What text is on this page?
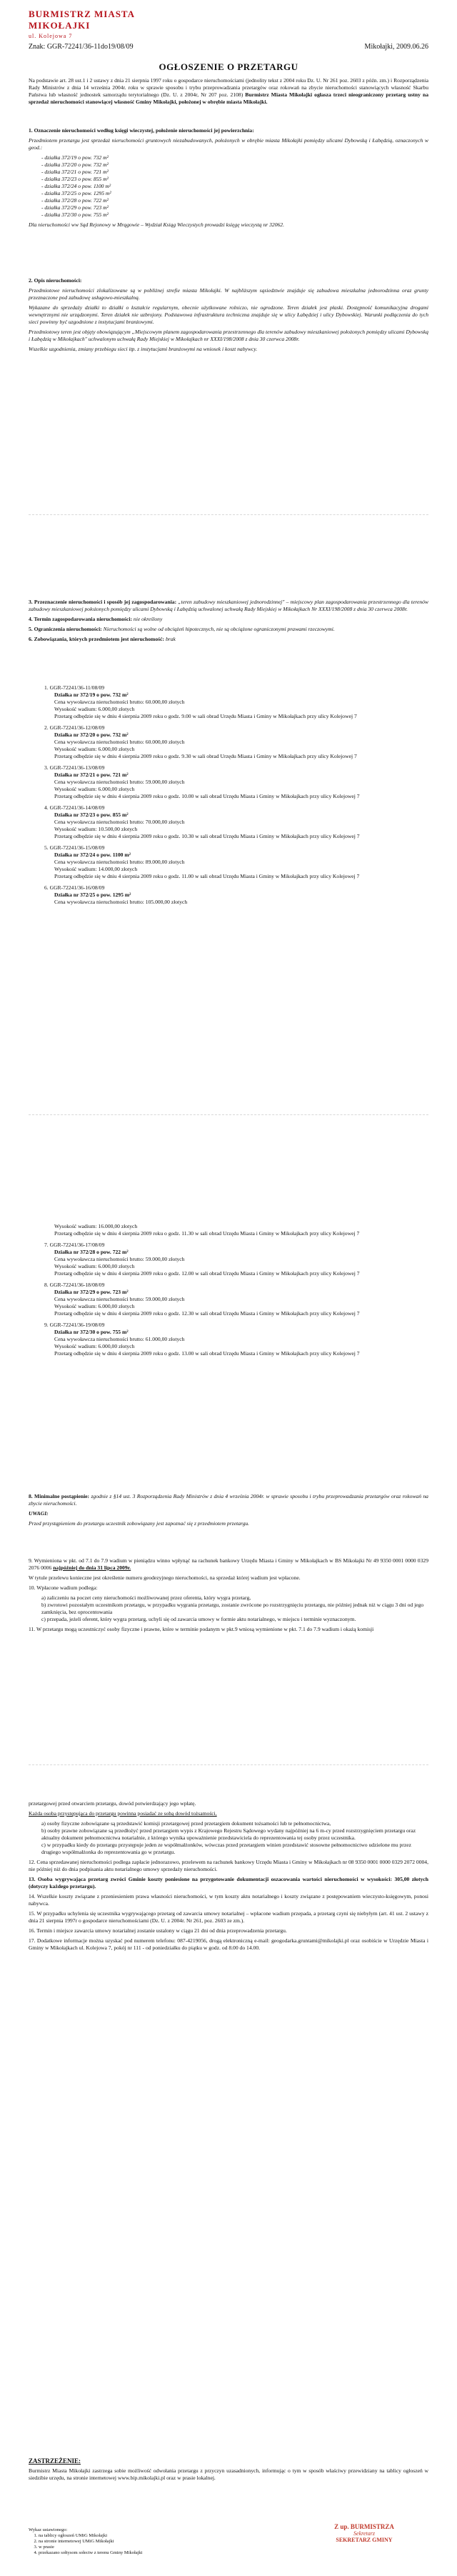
BURMISTRZ MIASTA MIKOŁAJKI
ul. Kolejowa 7
Znak: GGR-72241/36-11do19/08/09	Mikołajki, 2009.06.26
OGŁOSZENIE O PRZETARGU
Na podstawie art. 28 ust.1 i 2 ustawy z dnia 21 sierpnia 1997 roku o gospodarce nieruchomościami (jednolity tekst z 2004 roku Dz. U. Nr 261 poz. 2603 z późn. zm.) i Rozporządzenia Rady Ministrów z dnia 14 września 2004r. roku w sprawie sposobu i trybu przeprowadzania przetargów oraz rokowań na zbycie nieruchomości stanowiących własność Skarbu Państwa lub własność jednostek samorządu terytorialnego (Dz. U. z 2004r, Nr 207 poz. 2108) Burmistrz Miasta Mikołajki ogłasza trzeci nieograniczony przetarg ustny na sprzedaż nieruchomości stanowiącej własność Gminy Mikołajki, położonej w obrębie miasta Mikołajki.

1. Oznaczenie nieruchomości według księgi wieczystej, położenie nieruchomości jej powierzchnia:

Przedmiotem przetargu jest sprzedaż nieruchomości gruntowych niezabudowanych, położonych w obrębie miasta Mikołajki pomiędzy ulicami Dybowską i Łabędzią, oznaczonych w geod.:

- działka 372/19 o pow. 732 m²
- działka 372/20 o pow. 732 m²
- działka 372/21 o pow. 721 m²
- działka 372/23 o pow. 855 m²
- działka 372/24 o pow. 1100 m²
- działka 372/25 o pow. 1295 m²
- działka 372/28 o pow. 722 m²
- działka 372/29 o pow. 723 m²
- działka 372/30 o pow. 755 m²

Dla nieruchomości ww Sąd Rejonowy w Mrągowie – Wydział Ksiąg Wieczystych prowadzi księgę wieczystą nr 32062.

2. Opis nieruchomości:

Przedmiotowe nieruchomości zlokalizowane są w pobliżnej strefie miasta Mikołajki. W najbliższym sąsiedztwie znajduje się zabudowa mieszkalna jednorodzinna oraz grunty przeznaczone pod zabudowę usługowo-mieszkalną.

Wykazane do sprzedaży działki to działki o kształcie regularnym, obecnie użytkowane rolniczo, nie ogrodzone. Teren działek jest płaski. Dostępność komunikacyjna drogami wewnętrznymi nie urządzonymi. Teren działek nie uzbrojony. Podstawowa infrastruktura techniczna znajduje się w ulicy Łabędziej i ulicy Dybowskiej. Warunki podłączenia do tych sieci powinny być uzgodnione z instytucjami branżowymi.

Przedmiotowy teren jest objęty obowiązującym „Miejscowym planem zagospodarowania przestrzennego dla terenów zabudowy mieszkaniowej położonych pomiędzy ulicami Dybowską i Łabędzią w Mikołajkach" uchwalonym uchwałą Rady Miejskiej w Mikołajkach nr XXXI/198/2008 z dnia 30 czerwca 2008r.

Wszelkie uzgodnienia, zmiany przebiegu sieci itp. z instytucjami branżowymi na wniosek i koszt nabywcy.

3. Przeznaczenie nieruchomości i sposób jej zagospodarowania: „teren zabudowy mieszkaniowej jednorodzinnej" – miejscowy plan zagospodarowania przestrzennego dla terenów zabudowy mieszkaniowej położonych pomiędzy ulicami Dybowską i Łabędzią uchwalonej uchwałą Rady Miejskiej w Mikołajkach Nr XXXI/198/2008 z dnia 30 czerwca 2008r.

4. Termin zagospodarowania nieruchomości: nie określony

5. Ograniczenia nieruchomości: Nieruchomości są wolne od obciążeń hipotecznych, nie są obciążone ograniczonymi prawami rzeczowymi.

6. Zobowiązania, których przedmiotem jest nieruchomość: brak

1. GGR-72241/36-11/08/09
Działka nr 372/19 o pow. 732 m²
Cena wywoławcza nieruchomości brutto: 60.000,00 złotych
Wysokość wadium: 6.000,00 złotych
Przetarg odbędzie się w dniu 4 sierpnia 2009 roku o godz. 9.00 w sali obrad Urzędu Miasta i Gminy w Mikołajkach przy ulicy Kolejowej 7
2. GGR-72241/36-12/08/09
Działka nr 372/20 o pow. 732 m²
Cena wywoławcza nieruchomości brutto: 60.000,00 złotych
Wysokość wadium: 6.000,00 złotych
Przetarg odbędzie się w dniu 4 sierpnia 2009 roku o godz. 9.30 w sali obrad Urzędu Miasta i Gminy w Mikołajkach przy ulicy Kolejowej 7
3. GGR-72241/36-13/08/09
Działka nr 372/21 o pow. 721 m²
Cena wywoławcza nieruchomości brutto: 59.000,00 złotych
Wysokość wadium: 6.000,00 złotych
Przetarg odbędzie się w dniu 4 sierpnia 2009 roku o godz. 10.00 w sali obrad Urzędu Miasta i Gminy w Mikołajkach przy ulicy Kolejowej 7
4. GGR-72241/36-14/08/09
Działka nr 372/23 o pow. 855 m²
Cena wywoławcza nieruchomości brutto: 70.000,00 złotych
Wysokość wadium: 10.500,00 złotych
Przetarg odbędzie się w dniu 4 sierpnia 2009 roku o godz. 10.30 w sali obrad Urzędu Miasta i Gminy w Mikołajkach przy ulicy Kolejowej 7
5. GGR-72241/36-15/08/09
Działka nr 372/24 o pow. 1100 m²
Cena wywoławcza nieruchomości brutto: 89.000,00 złotych
Wysokość wadium: 14.000,00 złotych
Przetarg odbędzie się w dniu 4 sierpnia 2009 roku o godz. 11.00 w sali obrad Urzędu Miasta i Gminy w Mikołajkach przy ulicy Kolejowej 7
6. GGR-72241/36-16/08/09
Działka nr 372/25 o pow. 1295 m²
Cena wywoławcza nieruchomości brutto: 105.000,00 złotych
Wysokość wadium: 16.000,00 złotych
Przetarg odbędzie się w dniu 4 sierpnia 2009 roku o godz. 11.30 w sali obrad Urzędu Miasta i Gminy w Mikołajkach przy ulicy Kolejowej 7
7. GGR-72241/36-17/08/09
Działka nr 372/28 o pow. 722 m²
Cena wywoławcza nieruchomości brutto: 59.000,00 złotych
Wysokość wadium: 6.000,00 złotych
Przetarg odbędzie się w dniu 4 sierpnia 2009 roku o godz. 12.00 w sali obrad Urzędu Miasta i Gminy w Mikołajkach przy ulicy Kolejowej 7
8. GGR-72241/36-18/08/09
Działka nr 372/29 o pow. 723 m²
Cena wywoławcza nieruchomości brutto: 59.000,00 złotych
Wysokość wadium: 6.000,00 złotych
Przetarg odbędzie się w dniu 4 sierpnia 2009 roku o godz. 12.30 w sali obrad Urzędu Miasta i Gminy w Mikołajkach przy ulicy Kolejowej 7
9. GGR-72241/36-19/08/09
Działka nr 372/30 o pow. 755 m²
Cena wywoławcza nieruchomości brutto: 61.000,00 złotych
Wysokość wadium: 6.000,00 złotych
Przetarg odbędzie się w dniu 4 sierpnia 2009 roku o godz. 13.00 w sali obrad Urzędu Miasta i Gminy w Mikołajkach przy ulicy Kolejowej 7

8. Minimalne postąpienie: zgodnie z §14 ust. 3 Rozporządzenia Rady Ministrów z dnia 4 września 2004r. w sprawie sposobu i trybu przeprowadzania przetargów oraz rokowań na zbycie nieruchomości.

UWAGI:

Przed przystąpieniem do przetargu uczestnik zobowiązany jest zapoznać się z przedmiotem przetargu.

9. Wymieniona w pkt. od 7.1 do 7.9 wadium w pieniądzu winno wpłynąć na rachunek bankowy Urzędu Miasta i Gminy w Mikołajkach w BS Mikołajki Nr 49 9350 0001 0000 0329 2076 0006 najpóźniej do dnia 31 lipca 2009r.

W tytule przelewu konieczne jest określenie numeru geodezyjnego nieruchomości, na sprzedaż której wadium jest wpłacone.

10. Wpłacone wadium podlega:

a) zaliczeniu na poczet ceny nieruchomości możliwowanej przez oferenta, który wygra przetarg,
b) zwrotowi pozostałym uczestnikom przetargu, w przypadku wygrania przetargu, zostanie zwrócone po rozstrzygnięciu przetargu, nie później jednak niż w ciągu 3 dni od jego zamknięcia, bez oprocentowania
c) przepada, jeżeli oferent, który wygra przetarg, uchyli się od zawarcia umowy w formie aktu notarialnego, w miejscu i terminie wyznaczonym.

11. W przetargu mogą uczestniczyć osoby fizyczne i prawne, które w terminie podanym w pkt.9 wniosą wymienione w pkt. 7.1 do 7.9 wadium i okażą komisji

przetargowej przed otwarciem przetargu, dowód potwierdzający jego wpłatę.

Każda osoba przystępująca do przetargu powinna posiadać ze sobą dowód tożsamości,

a) osoby fizyczne zobowiązane są przedstawić komisji przetargowej przed przetargiem dokument tożsamości lub te pełnomocnictwa,
b) osoby prawne zobowiązane są przedłożyć przed przetargiem wypis z Krajowego Rejestru Sądowego wydany najpóźniej na 6 m-cy przed rozstrzygnięciem przetargu oraz aktualny dokument pełnomocnictwa notarialnie, z którego wynika upoważnienie przedstawiciela do reprezentowania tej osoby przez uczestnika.
c) w przypadku kiedy do przetargu przystępuje jeden ze współmałżonków, wówczas przed przetargiem winien przedstawić stosowne pełnomocnictwo udzielone mu przez drugiego współmałżonka do reprezentowania go w przetargu.

12. Cena sprzedawanej nieruchomości podlega zapłacie jednorazowo, przelewem na rachunek bankowy Urzędu Miasta i Gminy w Mikołajkach nr 08 9350 0001 0000 0329 2072 0004, nie później niż do dnia podpisania aktu notarialnego umowy sprzedaży nieruchomości.

13. Osoba wygrywająca przetarg zwróci Gminie koszty poniesione na przygotowanie dokumentacji oszacowania wartości nieruchomości w wysokości: 305,00 złotych (dotyczy każdego przetargu).

14. Wszelkie koszty związane z przeniesieniem prawa własności nieruchomości, w tym koszty aktu notarialnego i koszty związane z postępowaniem wieczysto-księgowym, ponosi nabywca.

15. W przypadku uchylenia się uczestnika wygrywającego przetarg od zawarcia umowy notarialnej – wpłacone wadium przepada, a przetarg czyni się niebyłym (art. 41 ust. 2 ustawy z dnia 21 sierpnia 1997r o gospodarce nieruchomościami (Dz. U. z 2004r. Nr 261, poz. 2603 ze zm.).

16. Termin i miejsce zawarcia umowy notarialnej zostanie ustalony w ciągu 21 dni od dnia przeprowadzenia przetargu.

17. Dodatkowe informacje można uzyskać pod numerem telefonu: 087-4219056, drogą elektroniczną e-mail: geogodarka.gruntami@mikolajki.pl oraz osobiście w Urzędzie Miasta i Gminy w Mikołajkach ul. Kolejowa 7, pokój nr 111 - od poniedziałku do piątku w godz. od 8.00 do 14.00.

ZASTRZEŻENIE:

Burmistrz Miasta Mikołajki zastrzega sobie możliwość odwołania przetargu z przyczyn uzasadnionych, informując o tym w sposób właściwy przewidziany na tablicy ogłoszeń w siedzibie urzędu, na stronie internetowej www.bip.mikolajki.pl oraz w prasie lokalnej.

Wykaz ustawionego:
1. na tablicy ogłoszeń UMiG Mikołajki
2. na stronie internetowej UMiG Mikołajki
3. w prasie
4. przekazano sołtysom sołectw z terenu Gminy Mikołajki
Z up. BURMISTRZA
Sekretarz
SEKRETARZ GMINY
